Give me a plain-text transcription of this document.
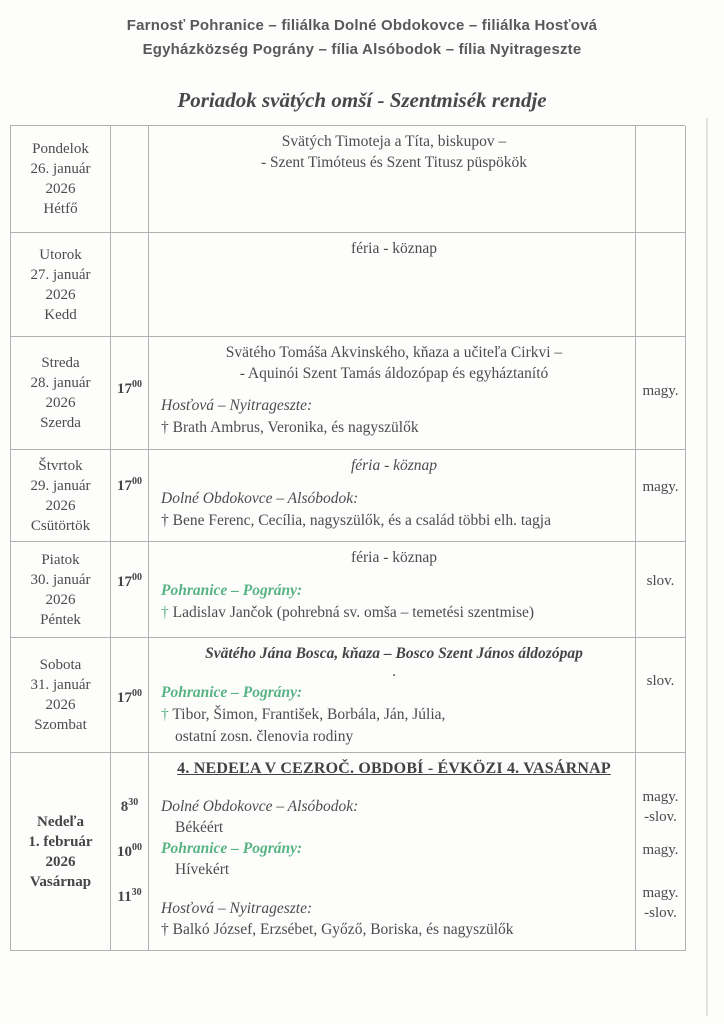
Farnosť Pohranice – filiálka Dolné Obdokovce – filiálka Hosťová
Egyházközség Pográny – fília Alsóbodok – fília Nyitrageszte
Poriadok svätých omší - Szentmisék rendje
Pondelok
26. január
2026
Hétfő
Svätých Timoteja a Títa, biskupov –
- Szent Timóteus és Szent Titusz püspökök
Utorok
27. január
2026
Kedd
féria - köznap
Streda
28. január
2026
Szerda
$17^{00}$
Svätého Tomáša Akvinského, kňaza a učiteľa Cirkvi –
- Aquinói Szent Tamás áldozópap és egyháztanító
Hosťová – Nyitrageszte:
† Brath Ambrus, Veronika, és nagyszülők
magy.
Štvrtok
29. január
2026
Csütörtök
$17^{00}$
féria - köznap
Dolné Obdokovce – Alsóbodok:
† Bene Ferenc, Cecília, nagyszülők, és a család többi elh. tagja
magy.
Piatok
30. január
2026
Péntek
$17^{00}$
féria - köznap
Pohranice – Pográny:
† Ladislav Jančok (pohrebná sv. omša – temetési szentmise)
slov.
Sobota
31. január
2026
Szombat
$17^{00}$
Svätého Jána Bosca, kňaza – Bosco Szent János áldozópap
.
Pohranice – Pográny:
† Tibor, Šimon, František, Borbála, Ján, Júlia,
ostatní zosn. členovia rodiny
slov.
Nedeľa
1. február
2026
Vasárnap
$8^{30}$
$10^{00}$
$11^{30}$
4. NEDEĽA V CEZROČ. OBDOBÍ - ÉVKÖZI 4. VASÁRNAP
Dolné Obdokovce – Alsóbodok:
Békéért
Pohranice – Pográny:
Hívekért
Hosťová – Nyitrageszte:
† Balkó József, Erzsébet, Győző, Boriska, és nagyszülők
magy.
-slov.
magy.
magy.
-slov.
